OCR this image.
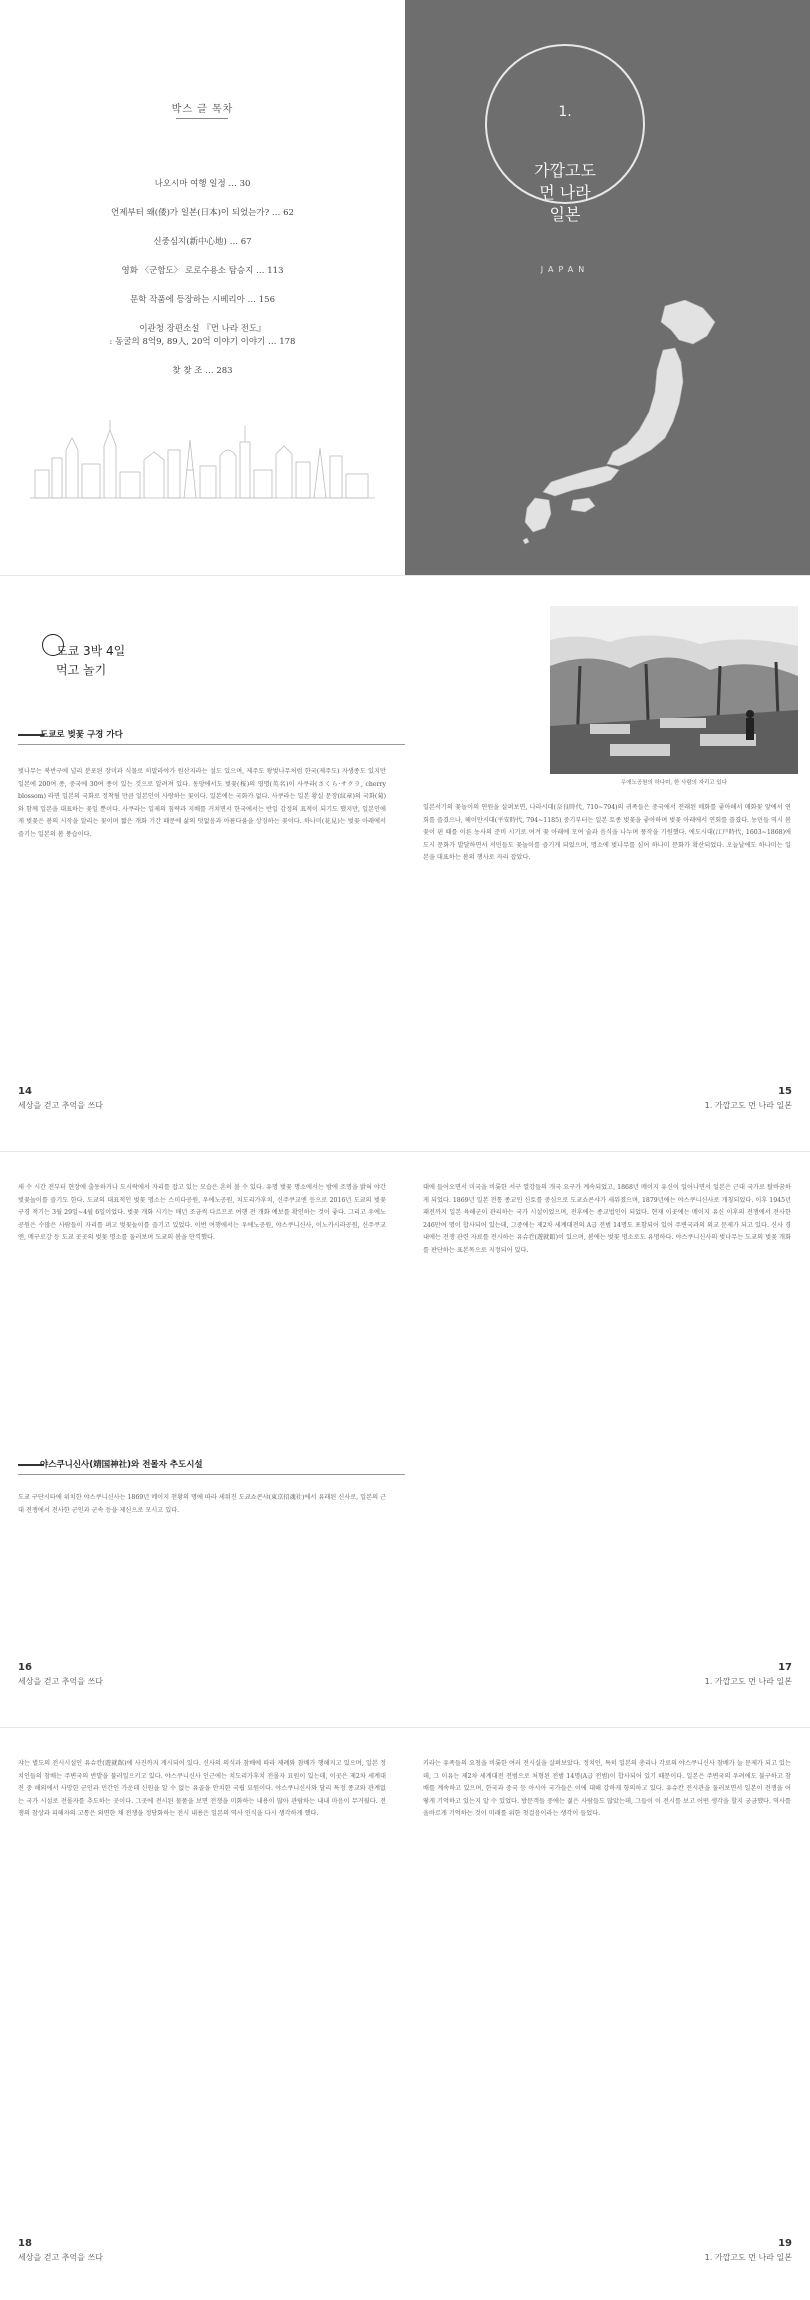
박스 글 목차
나오시마 여행 일정 … 30
언제부터 왜(倭)가 일본(日本)이 되었는가? … 62
신중심지(新中心地) … 67
영화 〈군함도〉 로로수용소 탐승지 … 113
문학 작품에 등장하는 시베리아 … 156
이관청 장편소설 『먼 나라 전도』
: 동굴의 8억9, 89人, 20억 이야기 이야기 … 178
찾 찾 조 … 283
1.
가깝고도
먼 나라
일본
JAPAN
도쿄 3박 4일
먹고 놀기
도쿄로 벚꽃 구경 가다
벚나무는 북반구에 널리 분포된 장미과 식물로 히말라야가 원산지라는 설도 있으며, 제주도 왕벚나무처럼 한국(제주도) 자생종도 있지만 일본에 200여 종, 중국에 30여 종이 있는 것으로 알려져 있다. 동양에서도 벚꽃(桜)의 영명(英名)이 사쿠라(さくら·サクラ, cherry blossom) 라면 일본의 국화로 정착될 만큼 일본인이 사랑하는 꽃이다. 일본에는 국화가 없다. 사쿠라는 일본 황실 문장(紋章)의 국화(菊)와 함께 일본을 대표하는 꽃일 뿐이다. 사쿠라는 일제의 침략과 지배를 거치면서 한국에서는 반일 감정의 표적이 되기도 했지만, 일본인에게 벚꽃은 봄의 시작을 알리는 꽃이며 짧은 개화 기간 때문에 삶의 덧없음과 아름다움을 상징하는 꽃이다. 하나미(花見)는 벚꽃 아래에서 즐기는 일본의 봄 풍습이다.
14
세상을 걷고 추억을 쓰다
우에노공원의 하나미, 한 사람의 자리고 있다
일본서기의 꽃놀이의 연원을 살펴보면, 나라시대(奈良時代, 710~794)의 귀족들은 중국에서 전래된 매화를 좋아해서 매화꽃 앞에서 연회를 즐겼으나, 헤이안시대(平安時代, 794~1185) 중기부터는 일본 토종 벚꽃을 좋아하며 벚꽃 아래에서 연회를 즐겼다. 농민들 역시 봄꽃이 핀 때를 이른 농사의 준비 시기로 여겨 꽃 아래에 모여 술과 음식을 나누며 풍작을 기원했다. 에도시대(江戸時代, 1603~1868)에 도시 문화가 발달하면서 서민들도 꽃놀이를 즐기게 되었으며, 명소에 벚나무를 심어 하나미 문화가 확산되었다. 오늘날에도 하나미는 일본을 대표하는 봄의 행사로 자리 잡았다.
15
1. 가깝고도 먼 나라 일본
새 수 시간 전부터 현장에 출동하거나 도시락에서 자리를 잡고 있는 모습은 흔히 볼 수 있다. 유명 벚꽃 명소에서는 밤에 조명을 밝혀 야간 벚꽃놀이를 즐기도 한다. 도쿄의 대표적인 벚꽃 명소는 스미다공원, 우에노공원, 치도리가후치, 신주쿠교엔 등으로 2016년 도쿄의 벚꽃 구경 적기는 3월 29일~4월 6일이었다. 벚꽃 개화 시기는 매년 조금씩 다르므로 여행 전 개화 예보를 확인하는 것이 좋다. 그리고 우에노공원은 수많은 사람들이 자리를 펴고 벚꽃놀이를 즐기고 있었다. 이번 여행에서는 우에노공원, 야스쿠니신사, 이노카시라공원, 신주쿠교엔, 메구로강 등 도쿄 곳곳의 벚꽃 명소를 둘러보며 도쿄의 봄을 만끽했다.
야스쿠니신사(靖国神社)와 전몰자 추도시설
도쿄 구단시타에 위치한 야스쿠니신사는 1869년 메이지 천황의 명에 따라 세워진 도쿄쇼콘샤(東京招魂社)에서 유래된 신사로, 일본의 근대 전쟁에서 전사한 군인과 군속 등을 제신으로 모시고 있다.
16
세상을 걷고 추억을 쓰다
대에 들어오면서 미국을 비롯한 서구 열강들의 개국 요구가 계속되었고, 1868년 메이지 유신이 일어나면서 일본은 근대 국가로 탈바꿈하게 되었다. 1869년 일본 전통 종교인 신토를 중심으로 도쿄쇼콘샤가 세워졌으며, 1879년에는 야스쿠니신사로 개칭되었다. 이후 1945년 패전까지 일본 육해군이 관리하는 국가 시설이었으며, 전후에는 종교법인이 되었다. 현재 이곳에는 메이지 유신 이후의 전쟁에서 전사한 246만여 명이 합사되어 있는데, 그중에는 제2차 세계대전의 A급 전범 14명도 포함되어 있어 주변국과의 외교 문제가 되고 있다. 신사 경내에는 전쟁 관련 자료를 전시하는 유슈칸(遊就館)이 있으며, 봄에는 벚꽃 명소로도 유명하다. 야스쿠니신사의 벚나무는 도쿄의 벚꽃 개화를 판단하는 표본목으로 지정되어 있다.
17
1. 가깝고도 먼 나라 일본
쟈는 별도의 전시시설인 유슈칸(遊就館)에 사진까지 게시되어 있다. 신사의 의식과 참배에 따라 제례와 참배가 행해지고 있으며, 일본 정치인들의 참배는 주변국의 반발을 불러일으키고 있다. 야스쿠니신사 인근에는 치도리가후치 전몰자 묘원이 있는데, 이곳은 제2차 세계대전 중 해외에서 사망한 군인과 민간인 가운데 신원을 알 수 없는 유골을 안치한 국립 묘원이다. 야스쿠니신사와 달리 특정 종교와 관계없는 국가 시설로 전몰자를 추도하는 곳이다. 그곳에 전시된 물품을 보면 전쟁을 미화하는 내용이 많아 관람하는 내내 마음이 무거웠다. 전쟁의 참상과 피해자의 고통은 외면한 채 전쟁을 정당화하는 전시 내용은 일본의 역사 인식을 다시 생각하게 했다.
18
세상을 걷고 추억을 쓰다
키라는 유족들의 요청을 비롯한 여러 전시실을 살펴보았다. 정치인, 특히 일본의 총리나 각료의 야스쿠니신사 참배가 늘 문제가 되고 있는데, 그 이유는 제2차 세계대전 전범으로 처형된 전범 14명(A급 전범)이 합사되어 있기 때문이다. 일본은 주변국의 우려에도 불구하고 참배를 계속하고 있으며, 한국과 중국 등 아시아 국가들은 이에 대해 강하게 항의하고 있다. 유슈칸 전시관을 둘러보면서 일본이 전쟁을 어떻게 기억하고 있는지 알 수 있었다. 방문객들 중에는 젊은 사람들도 많았는데, 그들이 이 전시를 보고 어떤 생각을 할지 궁금했다. 역사를 올바르게 기억하는 것이 미래를 위한 첫걸음이라는 생각이 들었다.
19
1. 가깝고도 먼 나라 일본
